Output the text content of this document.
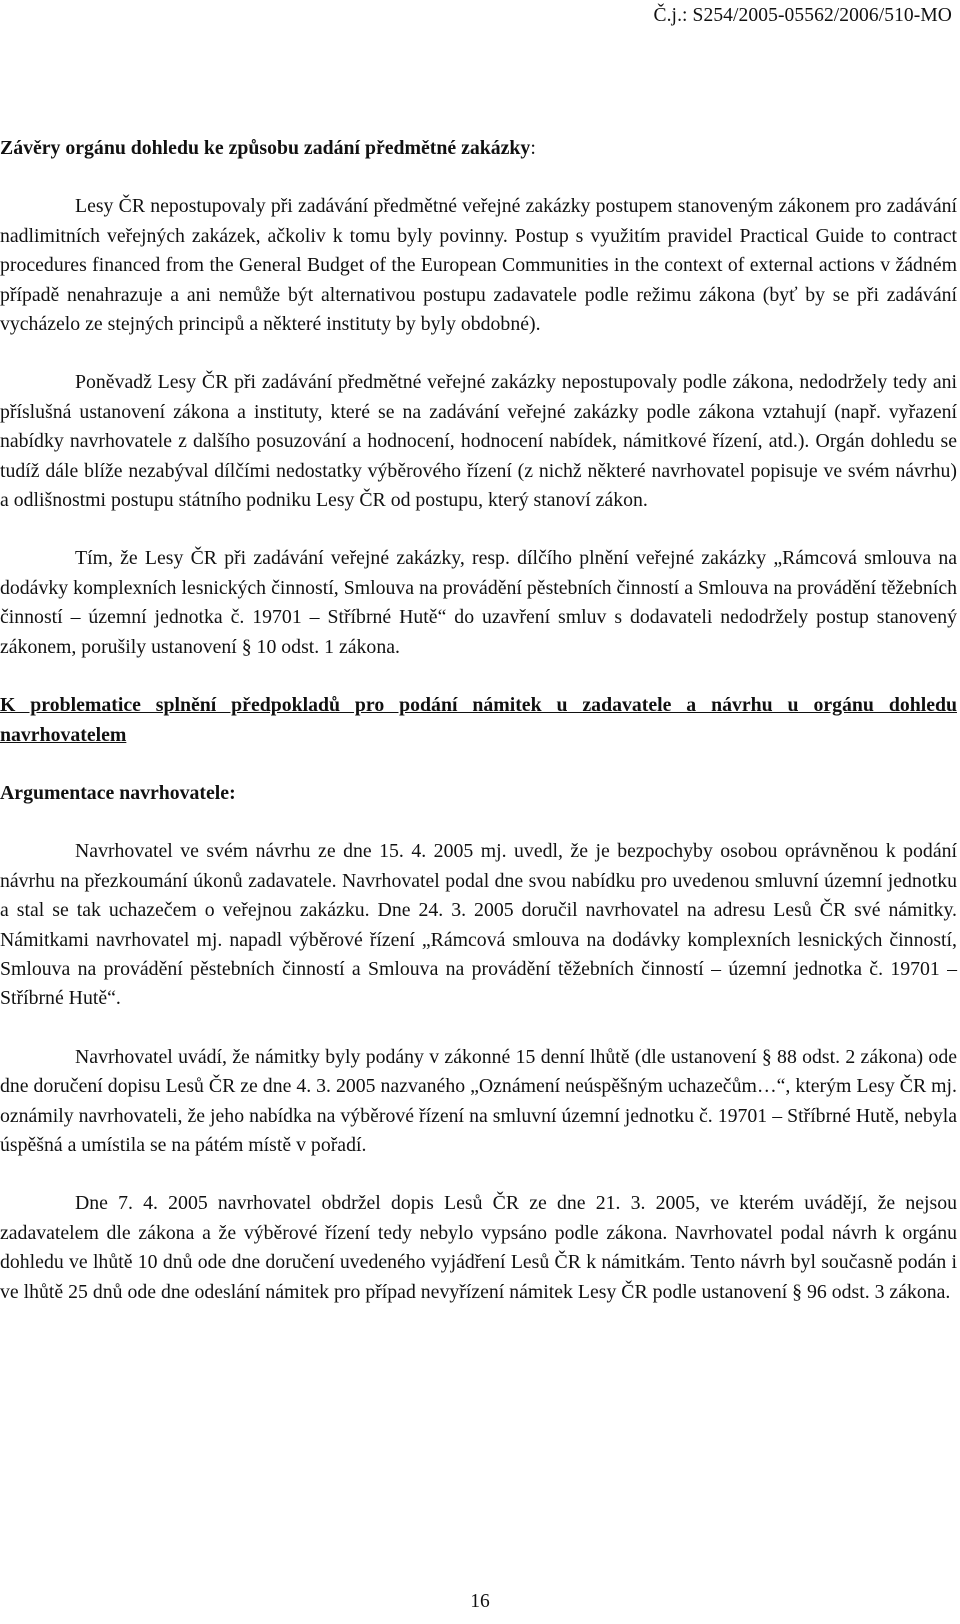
Č.j.: S254/2005-05562/2006/510-MO

Závěry orgánu dohledu ke způsobu zadání předmětné zakázky:

Lesy ČR nepostupovaly při zadávání předmětné veřejné zakázky postupem stanoveným zákonem pro zadávání nadlimitních veřejných zakázek, ačkoliv k tomu byly povinny. Postup s využitím pravidel Practical Guide to contract procedures financed from the General Budget of the European Communities in the context of external actions v žádném případě nenahrazuje a ani nemůže být alternativou postupu zadavatele podle režimu zákona (byť by se při zadávání vycházelo ze stejných principů a některé instituty by byly obdobné).

Poněvadž Lesy ČR při zadávání předmětné veřejné zakázky nepostupovaly podle zákona, nedodržely tedy ani příslušná ustanovení zákona a instituty, které se na zadávání veřejné zakázky podle zákona vztahují (např. vyřazení nabídky navrhovatele z dalšího posuzování a hodnocení, hodnocení nabídek, námitkové řízení, atd.). Orgán dohledu se tudíž dále blíže nezabýval dílčími nedostatky výběrového řízení (z nichž některé navrhovatel popisuje ve svém návrhu) a odlišnostmi postupu státního podniku Lesy ČR od postupu, který stanoví zákon.

Tím, že Lesy ČR při zadávání veřejné zakázky, resp. dílčího plnění veřejné zakázky „Rámcová smlouva na dodávky komplexních lesnických činností, Smlouva na provádění pěstebních činností a Smlouva na provádění těžebních činností – územní jednotka č. 19701 – Stříbrné Hutě“ do uzavření smluv s dodavateli nedodržely postup stanovený zákonem, porušily ustanovení § 10 odst. 1 zákona.

K problematice splnění předpokladů pro podání námitek u zadavatele a návrhu u orgánu dohledu navrhovatelem

Argumentace navrhovatele:

Navrhovatel ve svém návrhu ze dne 15. 4. 2005 mj. uvedl, že je bezpochyby osobou oprávněnou k podání návrhu na přezkoumání úkonů zadavatele. Navrhovatel podal dne svou nabídku pro uvedenou smluvní územní jednotku a stal se tak uchazečem o veřejnou zakázku. Dne 24. 3. 2005 doručil navrhovatel na adresu Lesů ČR své námitky. Námitkami navrhovatel mj. napadl výběrové řízení „Rámcová smlouva na dodávky komplexních lesnických činností, Smlouva na provádění pěstebních činností a Smlouva na provádění těžebních činností – územní jednotka č. 19701 – Stříbrné Hutě“.

Navrhovatel uvádí, že námitky byly podány v zákonné 15 denní lhůtě (dle ustanovení § 88 odst. 2 zákona) ode dne doručení dopisu Lesů ČR ze dne 4. 3. 2005 nazvaného „Oznámení neúspěšným uchazečům…“, kterým Lesy ČR mj. oznámily navrhovateli, že jeho nabídka na výběrové řízení na smluvní územní jednotku č. 19701 – Stříbrné Hutě, nebyla úspěšná a umístila se na pátém místě v pořadí.

Dne 7. 4. 2005 navrhovatel obdržel dopis Lesů ČR ze dne 21. 3. 2005, ve kterém uvádějí, že nejsou zadavatelem dle zákona a že výběrové řízení tedy nebylo vypsáno podle zákona. Navrhovatel podal návrh k orgánu dohledu ve lhůtě 10 dnů ode dne doručení uvedeného vyjádření Lesů ČR k námitkám. Tento návrh byl současně podán i ve lhůtě 25 dnů ode dne odeslání námitek pro případ nevyřízení námitek Lesy ČR podle ustanovení § 96 odst. 3 zákona.

16
